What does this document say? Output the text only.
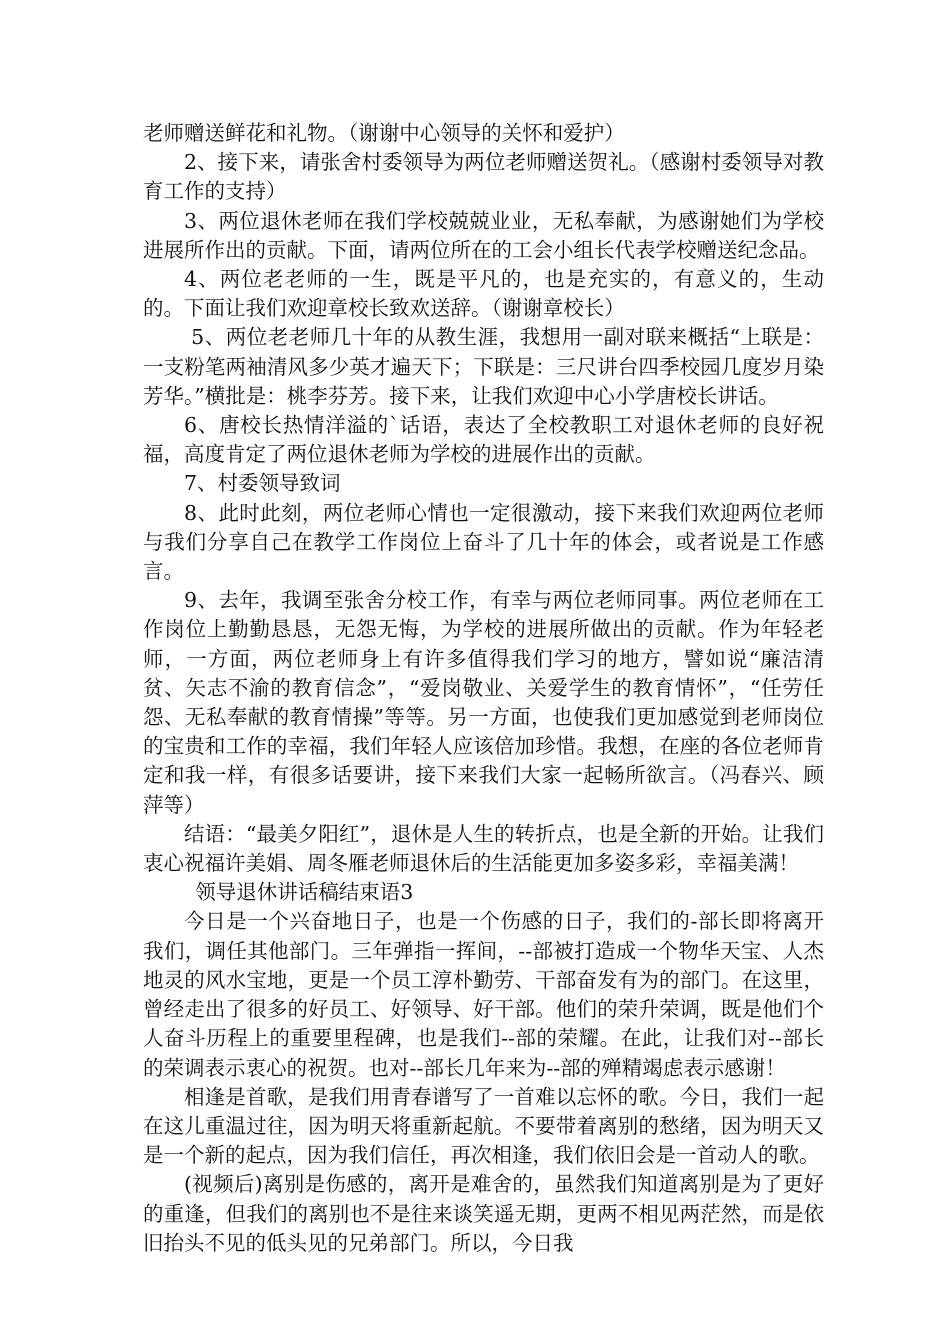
老师赠送鲜花和礼物。（谢谢中心领导的关怀和爱护）

2、接下来，请张舍村委领导为两位老师赠送贺礼。（感谢村委领导对教育工作的支持）

3、两位退休老师在我们学校兢兢业业，无私奉献，为感谢她们为学校进展所作出的贡献。下面，请两位所在的工会小组长代表学校赠送纪念品。

4、两位老老师的一生，既是平凡的，也是充实的，有意义的，生动的。下面让我们欢迎章校长致欢送辞。（谢谢章校长）

5、两位老老师几十年的从教生涯，我想用一副对联来概括“上联是：一支粉笔两袖清风多少英才遍天下；下联是：三尺讲台四季校园几度岁月染芳华。”横批是：桃李芬芳。接下来，让我们欢迎中心小学唐校长讲话。

6、唐校长热情洋溢的`话语，表达了全校教职工对退休老师的良好祝福，高度肯定了两位退休老师为学校的进展作出的贡献。

7、村委领导致词

8、此时此刻，两位老师心情也一定很激动，接下来我们欢迎两位老师与我们分享自己在教学工作岗位上奋斗了几十年的体会，或者说是工作感言。

9、去年，我调至张舍分校工作，有幸与两位老师同事。两位老师在工作岗位上勤勤恳恳，无怨无悔，为学校的进展所做出的贡献。作为年轻老师，一方面，两位老师身上有许多值得我们学习的地方，譬如说“廉洁清贫、矢志不渝的教育信念”，“爱岗敬业、关爱学生的教育情怀”，“任劳任怨、无私奉献的教育情操”等等。另一方面，也使我们更加感觉到老师岗位的宝贵和工作的幸福，我们年轻人应该倍加珍惜。我想，在座的各位老师肯定和我一样，有很多话要讲，接下来我们大家一起畅所欲言。（冯春兴、顾萍等）

结语：“最美夕阳红”，退休是人生的转折点，也是全新的开始。让我们衷心祝福许美娟、周冬雁老师退休后的生活能更加多姿多彩，幸福美满！

领导退休讲话稿结束语3

今日是一个兴奋地日子，也是一个伤感的日子，我们的-部长即将离开我们，调任其他部门。三年弹指一挥间，--部被打造成一个物华天宝、人杰地灵的风水宝地，更是一个员工淳朴勤劳、干部奋发有为的部门。在这里，曾经走出了很多的好员工、好领导、好干部。他们的荣升荣调，既是他们个人奋斗历程上的重要里程碑，也是我们--部的荣耀。在此，让我们对--部长的荣调表示衷心的祝贺。也对--部长几年来为--部的殚精竭虑表示感谢！

相逢是首歌，是我们用青春谱写了一首难以忘怀的歌。今日，我们一起在这儿重温过往，因为明天将重新起航。不要带着离别的愁绪，因为明天又是一个新的起点，因为我们信任，再次相逢，我们依旧会是一首动人的歌。

(视频后)离别是伤感的，离开是难舍的，虽然我们知道离别是为了更好的重逢，但我们的离别也不是往来谈笑遥无期，更两不相见两茫然，而是依旧抬头不见的低头见的兄弟部门。所以，今日我
